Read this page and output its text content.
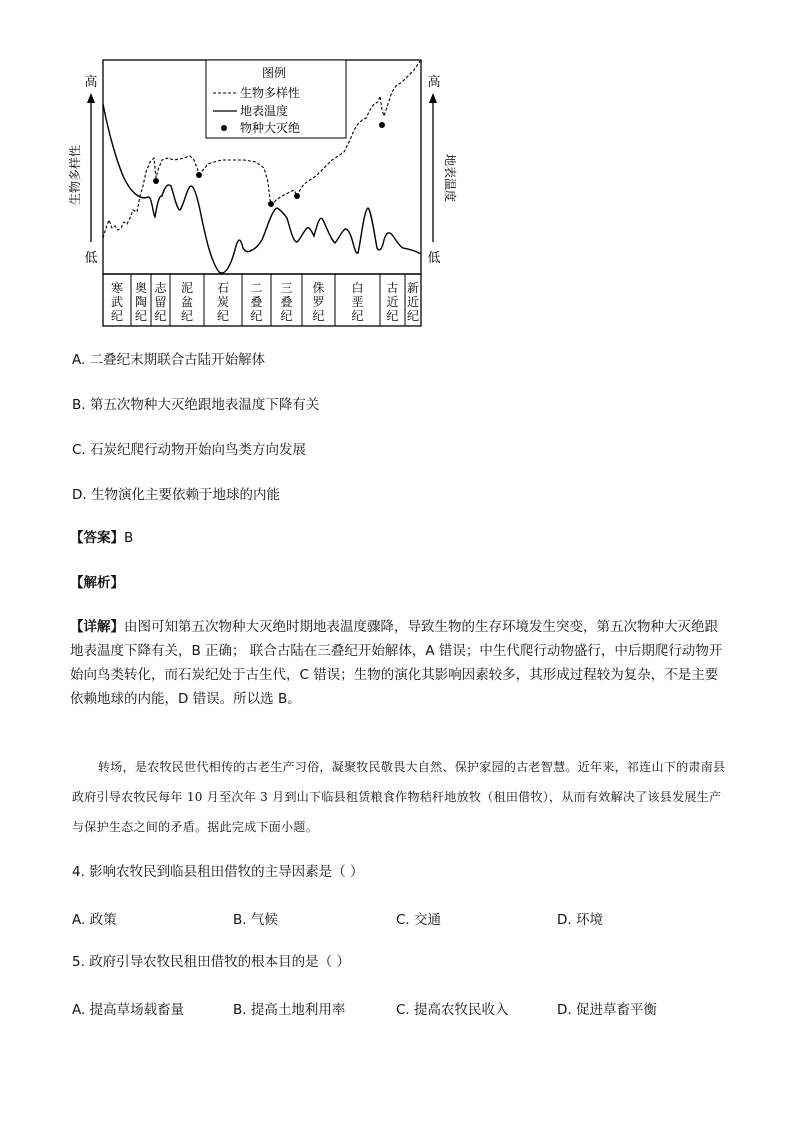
寒武纪
奥陶纪
志留纪
泥盆纪
石炭纪
二叠纪
三叠纪
侏罗纪
白垩纪
古近纪
新近纪
高
低
高
低
生物多样性	地表温度
图例
生物多样性
地表温度
物种大灭绝
A. 二叠纪末期联合古陆开始解体
B. 第五次物种大灭绝跟地表温度下降有关
C. 石炭纪爬行动物开始向鸟类方向发展
D. 生物演化主要依赖于地球的内能
【答案】B
【解析】
【详解】由图可知第五次物种大灭绝时期地表温度骤降，导致生物的生存环境发生突变，第五次物种大灭绝跟地表温度下降有关，B 正确； 联合古陆在三叠纪开始解体，A 错误；中生代爬行动物盛行，中后期爬行动物开始向鸟类转化，而石炭纪处于古生代，C 错误；生物的演化其影响因素较多，其形成过程较为复杂，不是主要依赖地球的内能，D 错误。所以选 B。
转场，是农牧民世代相传的古老生产习俗，凝聚牧民敬畏大自然、保护家园的古老智慧。近年来，祁连山下的肃南县政府引导农牧民每年 10 月至次年 3 月到山下临县租赁粮食作物秸秆地放牧（租田借牧），从而有效解决了该县发展生产与保护生态之间的矛盾。据此完成下面小题。
4. 影响农牧民到临县租田借牧的主导因素是（ ）
A. 政策	B. 气候	C. 交通	D. 环境
5. 政府引导农牧民租田借牧的根本目的是（ ）
A. 提高草场载畜量	B. 提高土地利用率	C. 提高农牧民收入	D. 促进草畜平衡
